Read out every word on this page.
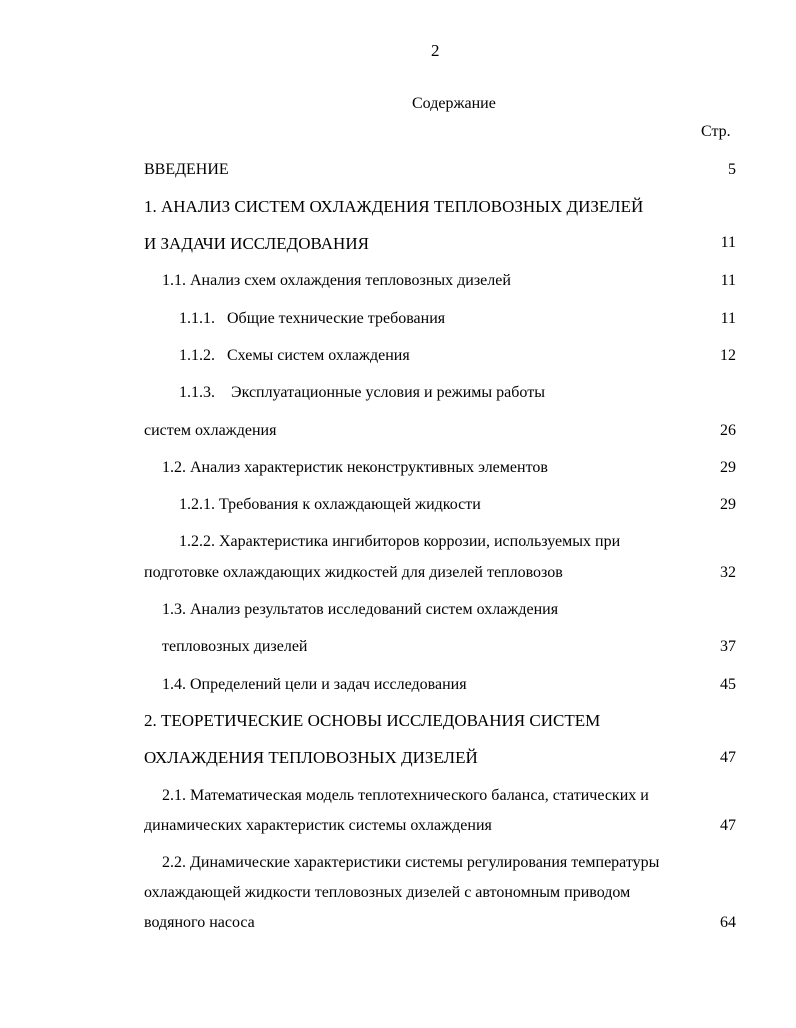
2
Содержание
Стр.
ВВЕДЕНИЕ	5
1. АНАЛИЗ СИСТЕМ ОХЛАЖДЕНИЯ ТЕПЛОВОЗНЫХ ДИЗЕЛЕЙ
И ЗАДАЧИ ИССЛЕДОВАНИЯ	11
1.1. Анализ схем охлаждения тепловозных дизелей	11
1.1.1.   Общие технические требования	11
1.1.2.   Схемы систем охлаждения	12
1.1.3.    Эксплуатационные условия и режимы работы
систем охлаждения	26
1.2. Анализ характеристик неконструктивных элементов	29
1.2.1. Требования к охлаждающей жидкости	29
1.2.2. Характеристика ингибиторов коррозии, используемых при
подготовке охлаждающих жидкостей для дизелей тепловозов	32
1.3. Анализ результатов исследований систем охлаждения
тепловозных дизелей	37
1.4. Определений цели и задач исследования	45
2. ТЕОРЕТИЧЕСКИЕ ОСНОВЫ ИССЛЕДОВАНИЯ СИСТЕМ
ОХЛАЖДЕНИЯ ТЕПЛОВОЗНЫХ ДИЗЕЛЕЙ	47
2.1. Математическая модель теплотехнического баланса, статических и
динамических характеристик системы охлаждения	47
2.2. Динамические характеристики системы регулирования температуры
охлаждающей жидкости тепловозных дизелей с автономным приводом
водяного насоса	64
